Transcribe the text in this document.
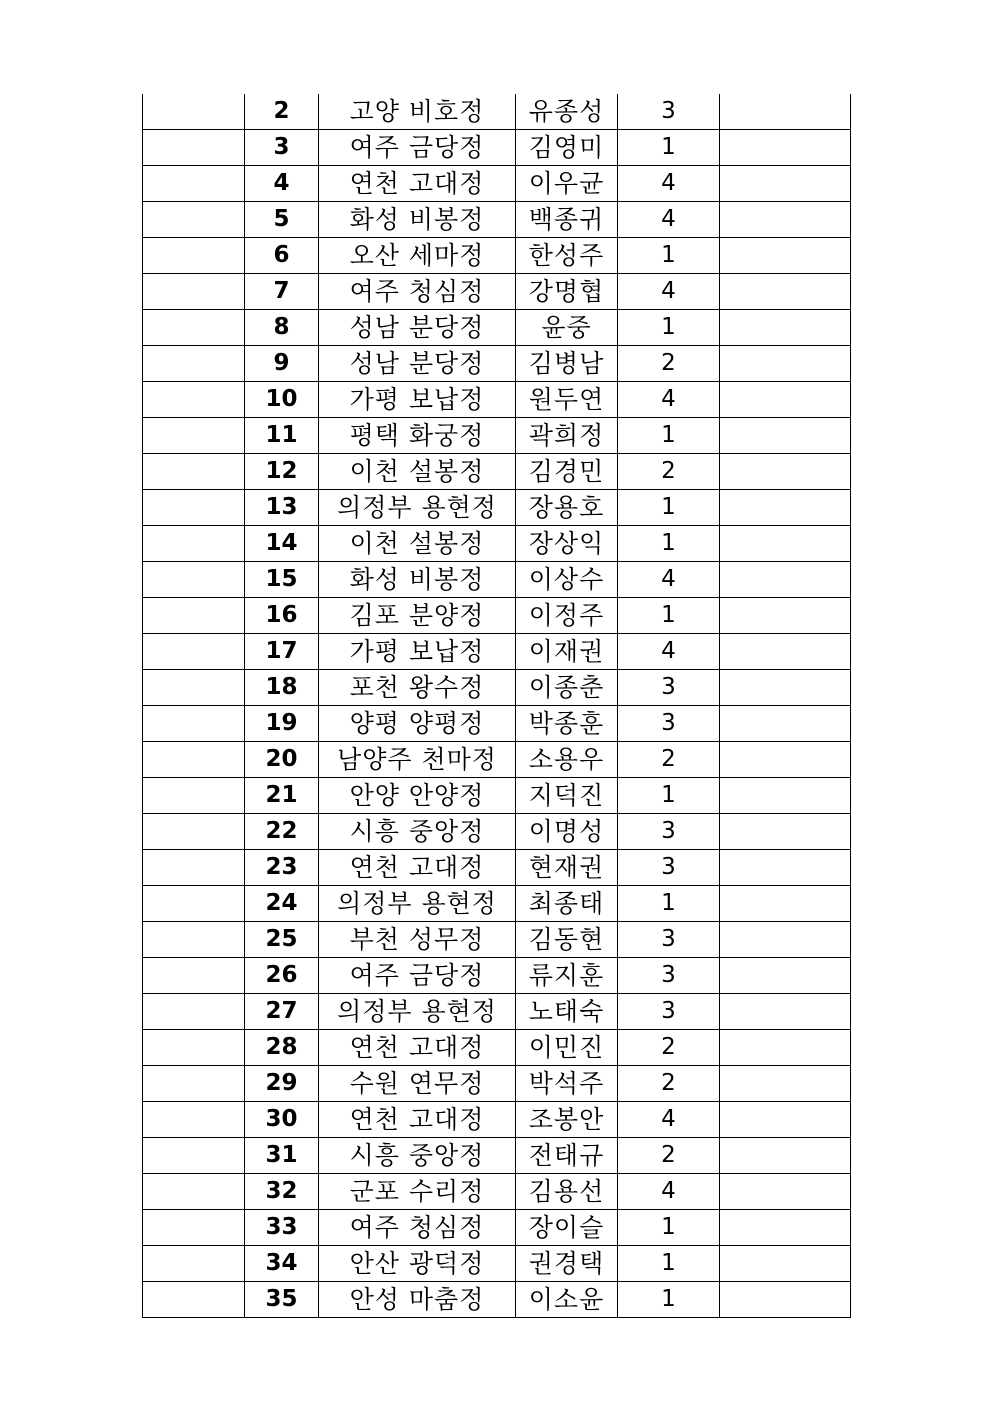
	2	고양 비호정	유종성	3	
	3	여주 금당정	김영미	1	
	4	연천 고대정	이우균	4	
	5	화성 비봉정	백종귀	4	
	6	오산 세마정	한성주	1	
	7	여주 청심정	강명협	4	
	8	성남 분당정	윤중	1	
	9	성남 분당정	김병남	2	
	10	가평 보납정	원두연	4	
	11	평택 화궁정	곽희정	1	
	12	이천 설봉정	김경민	2	
	13	의정부 용현정	장용호	1	
	14	이천 설봉정	장상익	1	
	15	화성 비봉정	이상수	4	
	16	김포 분양정	이정주	1	
	17	가평 보납정	이재권	4	
	18	포천 왕수정	이종춘	3	
	19	양평 양평정	박종훈	3	
	20	남양주 천마정	소용우	2	
	21	안양 안양정	지덕진	1	
	22	시흥 중앙정	이명성	3	
	23	연천 고대정	현재권	3	
	24	의정부 용현정	최종태	1	
	25	부천 성무정	김동현	3	
	26	여주 금당정	류지훈	3	
	27	의정부 용현정	노태숙	3	
	28	연천 고대정	이민진	2	
	29	수원 연무정	박석주	2	
	30	연천 고대정	조봉안	4	
	31	시흥 중앙정	전태규	2	
	32	군포 수리정	김용선	4	
	33	여주 청심정	장이슬	1	
	34	안산 광덕정	권경택	1	
	35	안성 마춤정	이소윤	1	
